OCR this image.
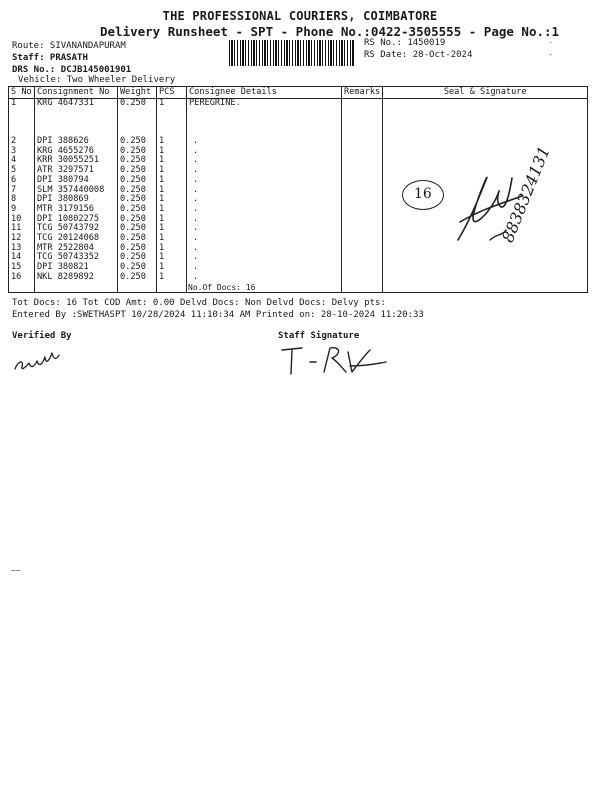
THE PROFESSIONAL COURIERS, COIMBATORE
Delivery Runsheet - SPT - Phone No.:0422-3505555 - Page No.:1
Route: SIVANANDAPURAM
Staff: PRASATH
DRS No.: DCJB145001901
Vehicle: Two Wheeler Delivery
RS No.: 1450019
RS Date: 28-Oct-2024
S No	Consignment No	Weight	PCS	Consignee Details	Remarks	Seal & Signature
1	KRG 4647331	0.250	1	PEREGRINE.		
2	DPI 388626	0.250	1	.		
3	KRG 4655276	0.250	1	.		
4	KRR 30055251	0.250	1	.		
5	ATR 3297571	0.250	1	.		
6	DPI 380794	0.250	1	.		
7	SLM 357440008	0.250	1	.		
8	DPI 380869	0.250	1	.		
9	MTR 3179156	0.250	1	.		
10	DPI 10802275	0.250	1	.		
11	TCG 50743792	0.250	1	.		
12	TCG 20124068	0.250	1	.		
13	MTR 2522804	0.250	1	.		
14	TCG 50743352	0.250	1	.		
15	DPI 380821	0.250	1	.		
16	NKL 8289892	0.250	1	.		

No.Of Docs: 16
Tot Docs: 16 Tot COD Amt: 0.00 Delvd Docs: Non Delvd Docs: Delvy pts:
Entered By :SWETHASPT 10/28/2024 11:10:34 AM Printed on: 28-10-2024 11:20:33
Verified By	Staff Signature
16	8838324131
~~
-
-
